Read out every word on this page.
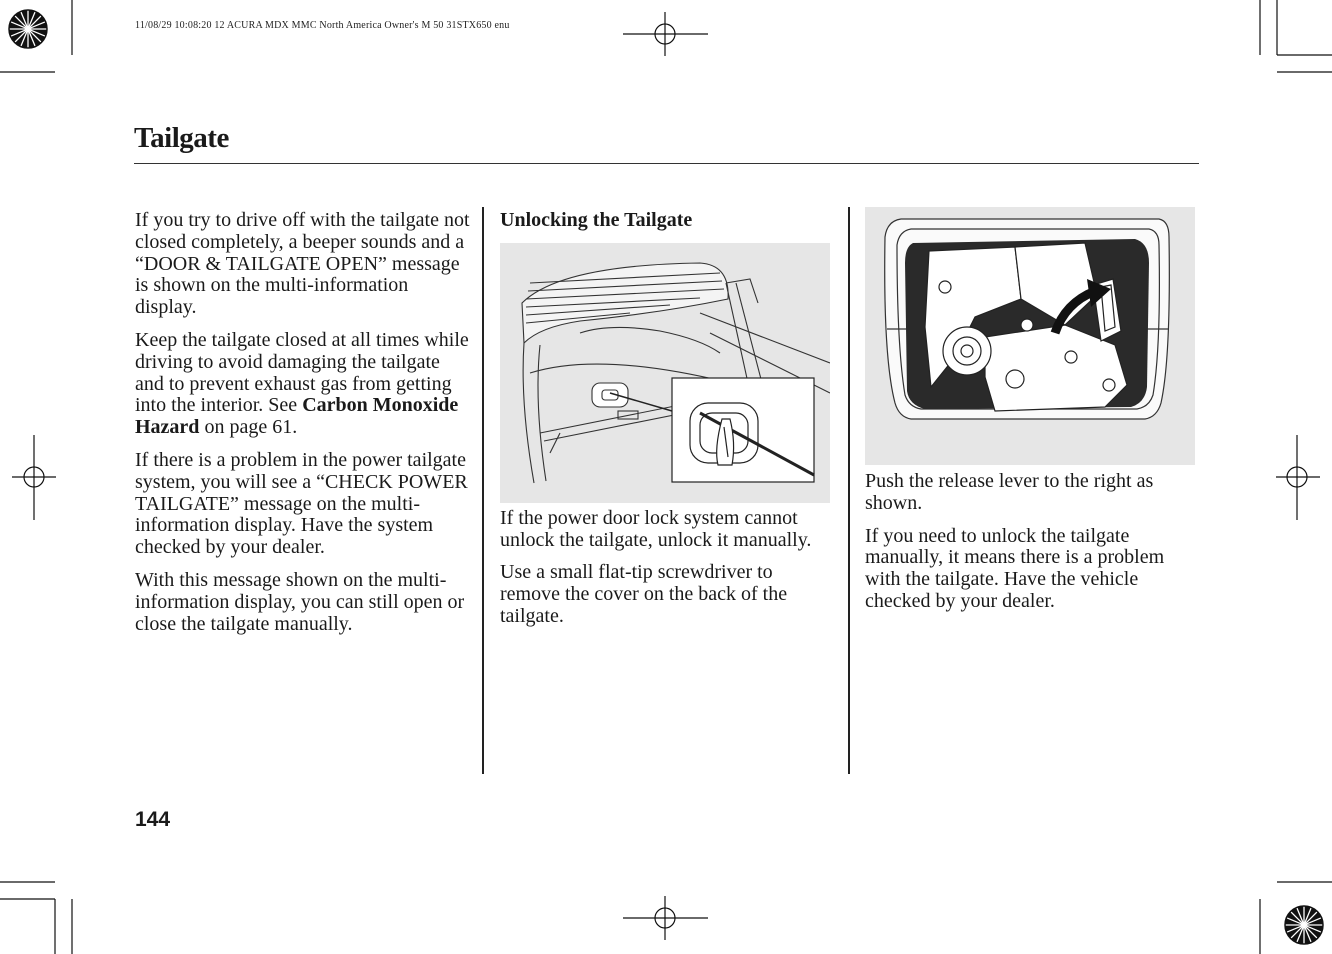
11/08/29 10:08:20 12 ACURA MDX MMC North America Owner's M 50 31STX650 enu
Tailgate

If you try to drive off with the tailgate not closed completely, a beeper sounds and a “DOOR & TAILGATE OPEN” message is shown on the multi-information display.

Keep the tailgate closed at all times while driving to avoid damaging the tailgate and to prevent exhaust gas from getting into the interior. See Carbon Monoxide Hazard on page 61.

If there is a problem in the power tailgate system, you will see a “CHECK POWER TAILGATE” message on the multi-information display. Have the system checked by your dealer.

With this message shown on the multi-information display, you can still open or close the tailgate manually.

Unlocking the Tailgate

If the power door lock system cannot unlock the tailgate, unlock it manually.

Use a small flat-tip screwdriver to remove the cover on the back of the tailgate.

Push the release lever to the right as shown.

If you need to unlock the tailgate manually, it means there is a problem with the tailgate. Have the vehicle checked by your dealer.

144
